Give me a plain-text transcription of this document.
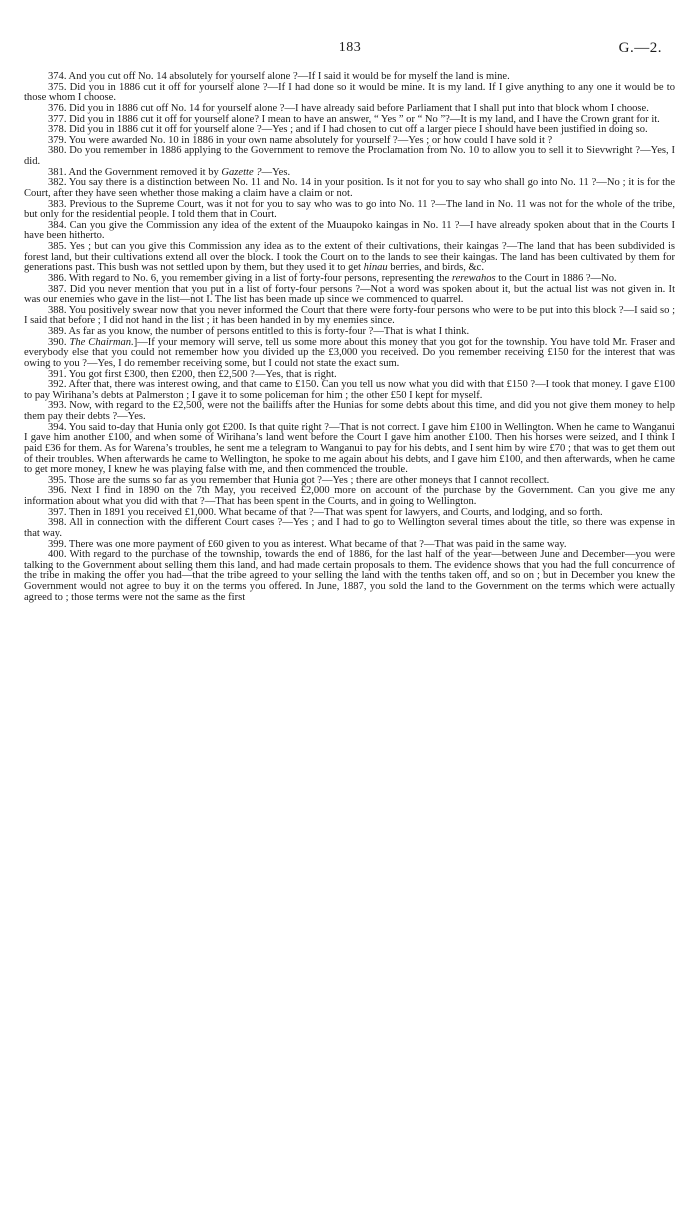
183	G.—2.

374. And you cut off No. 14 absolutely for yourself alone ?—If I said it would be for myself the land is mine.

375. Did you in 1886 cut it off for yourself alone ?—If I had done so it would be mine. It is my land. If I give anything to any one it would be to those whom I choose.

376. Did you in 1886 cut off No. 14 for yourself alone ?—I have already said before Parliament that I shall put into that block whom I choose.

377. Did you in 1886 cut it off for yourself alone? I mean to have an answer, “ Yes ” or “ No ”?—It is my land, and I have the Crown grant for it.

378. Did you in 1886 cut it off for yourself alone ?—Yes ; and if I had chosen to cut off a larger piece I should have been justified in doing so.

379. You were awarded No. 10 in 1886 in your own name absolutely for yourself ?—Yes ; or how could I have sold it ?

380. Do you remember in 1886 applying to the Government to remove the Proclamation from No. 10 to allow you to sell it to Sievwright ?—Yes, I did.

381. And the Government removed it by Gazette ?—Yes.

382. You say there is a distinction between No. 11 and No. 14 in your position. Is it not for you to say who shall go into No. 11 ?—No ; it is for the Court, after they have seen whether those making a claim have a claim or not.

383. Previous to the Supreme Court, was it not for you to say who was to go into No. 11 ?—The land in No. 11 was not for the whole of the tribe, but only for the residential people. I told them that in Court.

384. Can you give the Commission any idea of the extent of the Muaupoko kaingas in No. 11 ?—I have already spoken about that in the Courts I have been hitherto.

385. Yes ; but can you give this Commission any idea as to the extent of their cultivations, their kaingas ?—The land that has been subdivided is forest land, but their cultivations extend all over the block. I took the Court on to the lands to see their kaingas. The land has been cultivated by them for generations past. This bush was not settled upon by them, but they used it to get hinau berries, and birds, &c.

386. With regard to No. 6, you remember giving in a list of forty-four persons, representing the rerewahos to the Court in 1886 ?—No.

387. Did you never mention that you put in a list of forty-four persons ?—Not a word was spoken about it, but the actual list was not given in. It was our enemies who gave in the list—not I. The list has been made up since we commenced to quarrel.

388. You positively swear now that you never informed the Court that there were forty-four persons who were to be put into this block ?—I said so ; I said that before ; I did not hand in the list ; it has been handed in by my enemies since.

389. As far as you know, the number of persons entitled to this is forty-four ?—That is what I think.

390. The Chairman.]—If your memory will serve, tell us some more about this money that you got for the township. You have told Mr. Fraser and everybody else that you could not remember how you divided up the £3,000 you received. Do you remember receiving £150 for the interest that was owing to you ?—Yes, I do remember receiving some, but I could not state the exact sum.

391. You got first £300, then £200, then £2,500 ?—Yes, that is right.

392. After that, there was interest owing, and that came to £150. Can you tell us now what you did with that £150 ?—I took that money. I gave £100 to pay Wirihana’s debts at Palmerston ; I gave it to some policeman for him ; the other £50 I kept for myself.

393. Now, with regard to the £2,500, were not the bailiffs after the Hunias for some debts about this time, and did you not give them money to help them pay their debts ?—Yes.

394. You said to-day that Hunia only got £200. Is that quite right ?—That is not correct. I gave him £100 in Wellington. When he came to Wanganui I gave him another £100, and when some of Wirihana’s land went before the Court I gave him another £100. Then his horses were seized, and I think I paid £36 for them. As for Warena’s troubles, he sent me a telegram to Wanganui to pay for his debts, and I sent him by wire £70 ; that was to get them out of their troubles. When afterwards he came to Wellington, he spoke to me again about his debts, and I gave him £100, and then afterwards, when he came to get more money, I knew he was playing false with me, and then commenced the trouble.

395. Those are the sums so far as you remember that Hunia got ?—Yes ; there are other moneys that I cannot recollect.

396. Next I find in 1890 on the 7th May, you received £2,000 more on account of the purchase by the Government. Can you give me any information about what you did with that ?—That has been spent in the Courts, and in going to Wellington.

397. Then in 1891 you received £1,000. What became of that ?—That was spent for lawyers, and Courts, and lodging, and so forth.

398. All in connection with the different Court cases ?—Yes ; and I had to go to Wellington several times about the title, so there was expense in that way.

399. There was one more payment of £60 given to you as interest. What became of that ?—That was paid in the same way.

400. With regard to the purchase of the township, towards the end of 1886, for the last half of the year—between June and December—you were talking to the Government about selling them this land, and had made certain proposals to them. The evidence shows that you had the full concurrence of the tribe in making the offer you had—that the tribe agreed to your selling the land with the tenths taken off, and so on ; but in December you knew the Government would not agree to buy it on the terms you offered. In June, 1887, you sold the land to the Government on the terms which were actually agreed to ; those terms were not the same as the first
